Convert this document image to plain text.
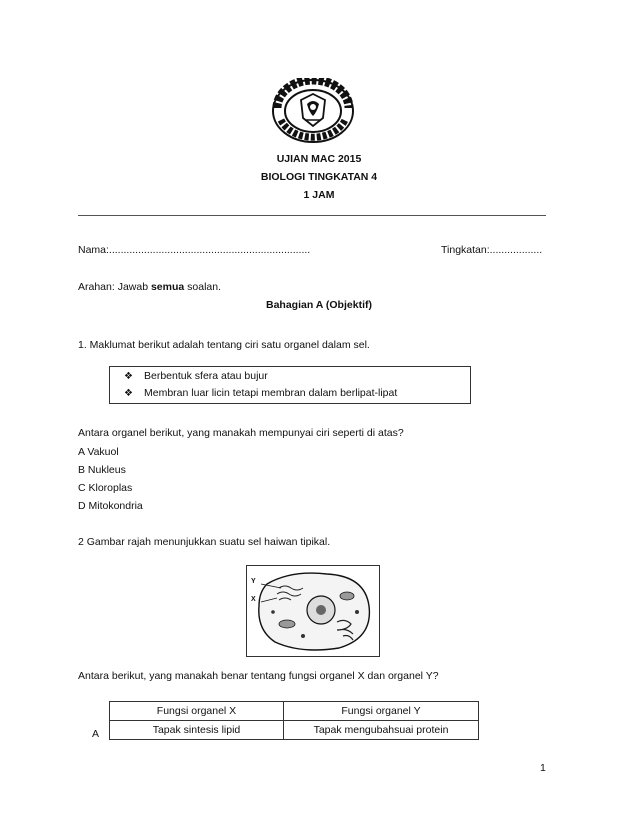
UJIAN MAC 2015
BIOLOGI TINGKATAN 4
1 JAM
Nama:.....................................................................	Tingkatan:..................
Arahan: Jawab semua soalan.
Bahagian A (Objektif)
1. Maklumat berikut adalah tentang ciri satu organel dalam sel.
❖ Berbentuk sfera atau bujur
❖ Membran luar licin tetapi membran dalam berlipat-lipat
Antara organel berikut, yang manakah mempunyai ciri seperti di atas?
A Vakuol
B Nukleus
C Kloroplas
D Mitokondria
2 Gambar rajah menunjukkan suatu sel haiwan tipikal.
Y
X
Antara berikut, yang manakah benar tentang fungsi organel X dan organel Y?
Fungsi organel X	Fungsi organel Y
Tapak sintesis lipid	Tapak mengubahsuai protein
A
1
